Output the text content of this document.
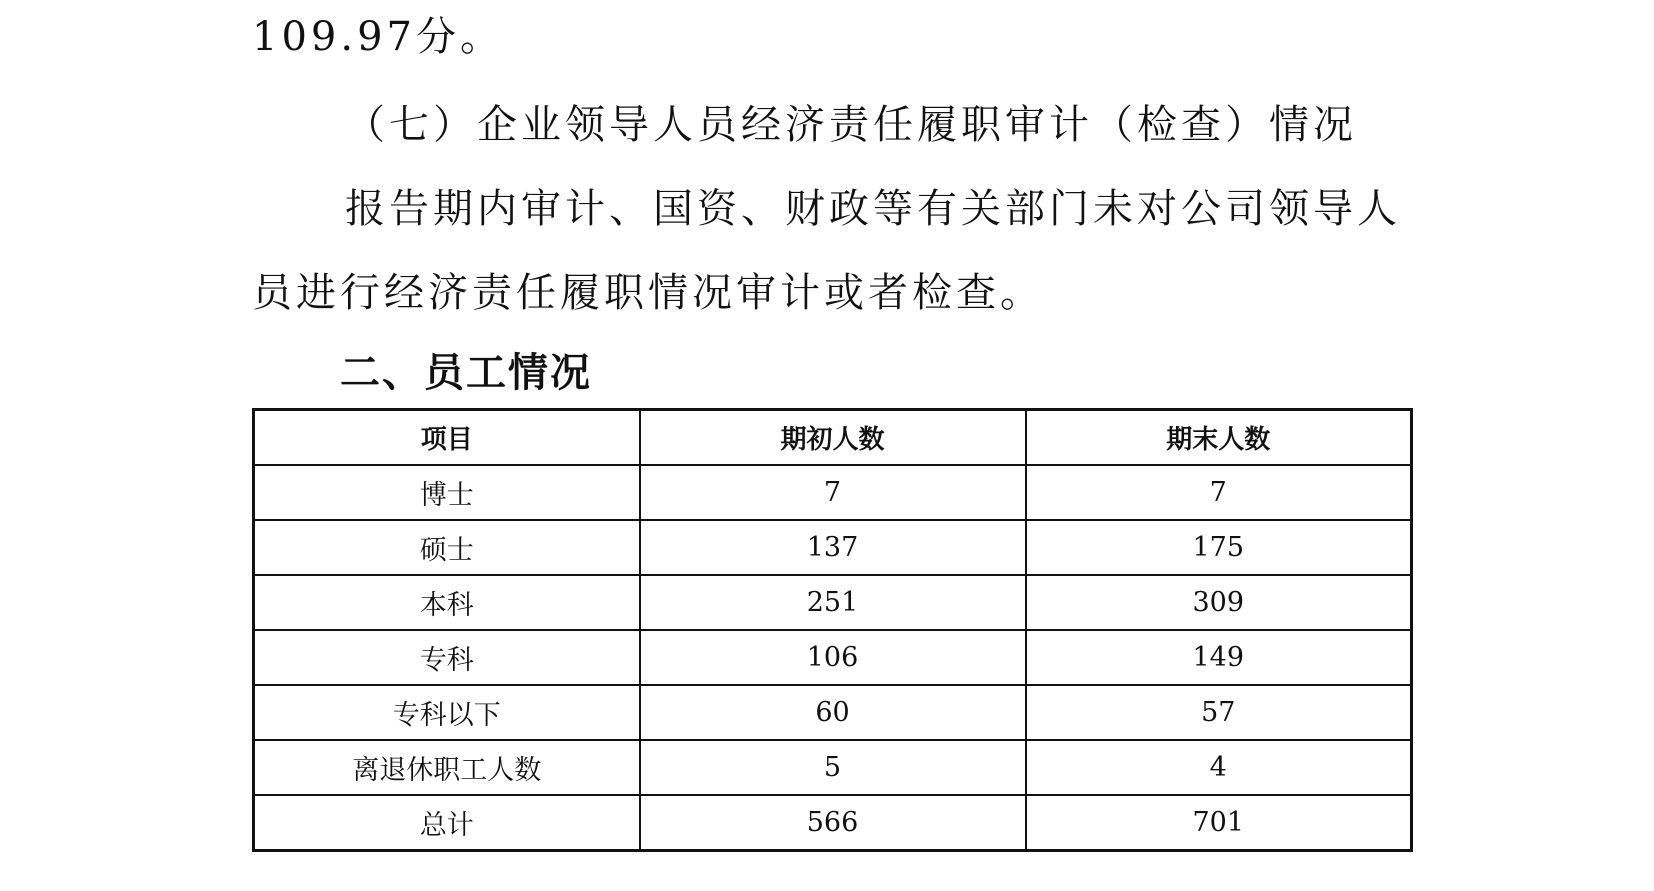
109.97分。
（七）企业领导人员经济责任履职审计（检查）情况
报告期内审计、国资、财政等有关部门未对公司领导人
员进行经济责任履职情况审计或者检查。
二、员工情况
项目	期初人数	期末人数
博士	7	7
硕士	137	175
本科	251	309
专科	106	149
专科以下	60	57
离退休职工人数	5	4
总计	566	701
